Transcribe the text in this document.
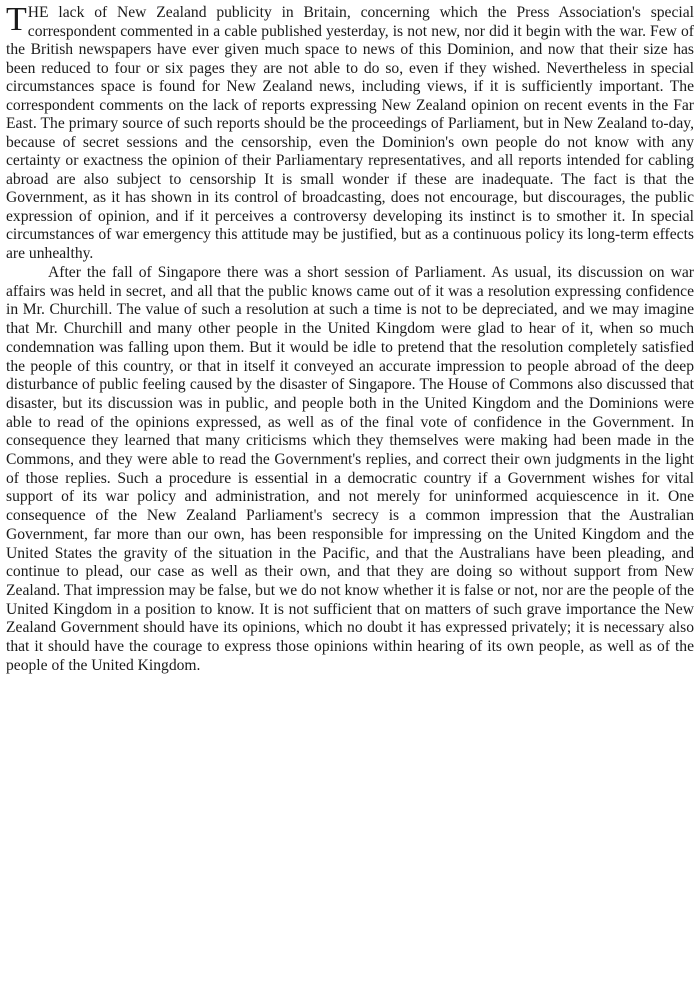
THE lack of New Zealand publicity in Britain, concerning which the Press Association's special correspondent commented in a cable published yesterday, is not new, nor did it begin with the war. Few of the British newspapers have ever given much space to news of this Dominion, and now that their size has been reduced to four or six pages they are not able to do so, even if they wished. Nevertheless in special circumstances space is found for New Zealand news, including views, if it is sufficiently important. The correspondent comments on the lack of reports expressing New Zealand opinion on recent events in the Far East. The primary source of such reports should be the proceedings of Parliament, but in New Zealand to-day, because of secret sessions and the censorship, even the Dominion's own people do not know with any certainty or exactness the opinion of their Parliamentary representatives, and all reports intended for cabling abroad are also subject to censorship It is small wonder if these are inadequate. The fact is that the Government, as it has shown in its control of broadcasting, does not encourage, but discourages, the public expression of opinion, and if it perceives a controversy developing its instinct is to smother it. In special circumstances of war emergency this attitude may be justified, but as a continuous policy its long-term effects are unhealthy.

After the fall of Singapore there was a short session of Parliament. As usual, its discussion on war affairs was held in secret, and all that the public knows came out of it was a resolution expressing confidence in Mr. Churchill. The value of such a resolution at such a time is not to be depreciated, and we may imagine that Mr. Churchill and many other people in the United Kingdom were glad to hear of it, when so much condemnation was falling upon them. But it would be idle to pretend that the resolution completely satisfied the people of this country, or that in itself it conveyed an accurate impression to people abroad of the deep disturbance of public feeling caused by the disaster of Singapore. The House of Commons also discussed that disaster, but its discussion was in public, and people both in the United Kingdom and the Dominions were able to read of the opinions expressed, as well as of the final vote of confidence in the Government. In consequence they learned that many criticisms which they themselves were making had been made in the Commons, and they were able to read the Government's replies, and correct their own judgments in the light of those replies. Such a procedure is essential in a democratic country if a Government wishes for vital support of its war policy and administration, and not merely for uninformed acquiescence in it. One consequence of the New Zealand Parliament's secrecy is a common impression that the Australian Government, far more than our own, has been responsible for impressing on the United Kingdom and the United States the gravity of the situation in the Pacific, and that the Australians have been pleading, and continue to plead, our case as well as their own, and that they are doing so without support from New Zealand. That impression may be false, but we do not know whether it is false or not, nor are the people of the United Kingdom in a position to know. It is not sufficient that on matters of such grave importance the New Zealand Government should have its opinions, which no doubt it has expressed privately; it is necessary also that it should have the courage to express those opinions within hearing of its own people, as well as of the people of the United Kingdom.
